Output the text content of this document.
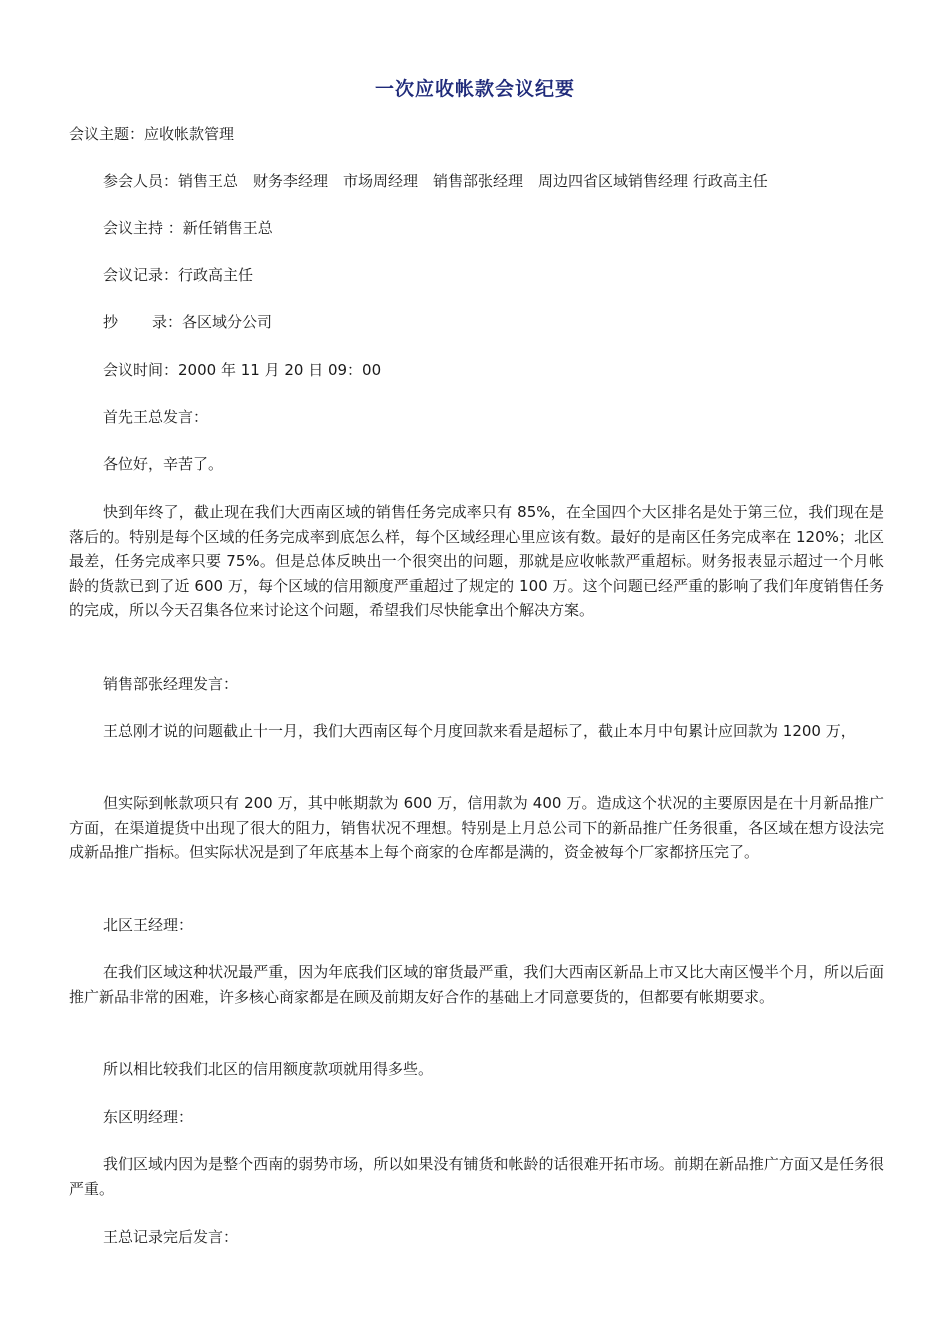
一次应收帐款会议纪要
会议主题：应收帐款管理
参会人员：销售王总　财务李经理　市场周经理　销售部张经理　周边四省区域销售经理 行政高主任
会议主持 ：新任销售王总
会议记录：行政高主任
抄 录：各区域分公司
会议时间：2000 年 11 月 20 日 09：00
首先王总发言：
各位好，辛苦了。
快到年终了，截止现在我们大西南区域的销售任务完成率只有 85%，在全国四个大区排名是处于第三位，我们现在是落后的。特别是每个区域的任务完成率到底怎么样，每个区域经理心里应该有数。最好的是南区任务完成率在 120%；北区最差，任务完成率只要 75%。但是总体反映出一个很突出的问题，那就是应收帐款严重超标。财务报表显示超过一个月帐龄的货款已到了近 600 万，每个区域的信用额度严重超过了规定的 100 万。这个问题已经严重的影响了我们年度销售任务的完成，所以今天召集各位来讨论这个问题，希望我们尽快能拿出个解决方案。
销售部张经理发言：
王总刚才说的问题截止十一月，我们大西南区每个月度回款来看是超标了，截止本月中旬累计应回款为 1200 万，
但实际到帐款项只有 200 万，其中帐期款为 600 万，信用款为 400 万。造成这个状况的主要原因是在十月新品推广方面，在渠道提货中出现了很大的阻力，销售状况不理想。特别是上月总公司下的新品推广任务很重，各区域在想方设法完成新品推广指标。但实际状况是到了年底基本上每个商家的仓库都是满的，资金被每个厂家都挤压完了。
北区王经理：
在我们区域这种状况最严重，因为年底我们区域的窜货最严重，我们大西南区新品上市又比大南区慢半个月，所以后面推广新品非常的困难，许多核心商家都是在顾及前期友好合作的基础上才同意要货的，但都要有帐期要求。
所以相比较我们北区的信用额度款项就用得多些。
东区明经理：
我们区域内因为是整个西南的弱势市场，所以如果没有铺货和帐龄的话很难开拓市场。前期在新品推广方面又是任务很严重。
王总记录完后发言：
